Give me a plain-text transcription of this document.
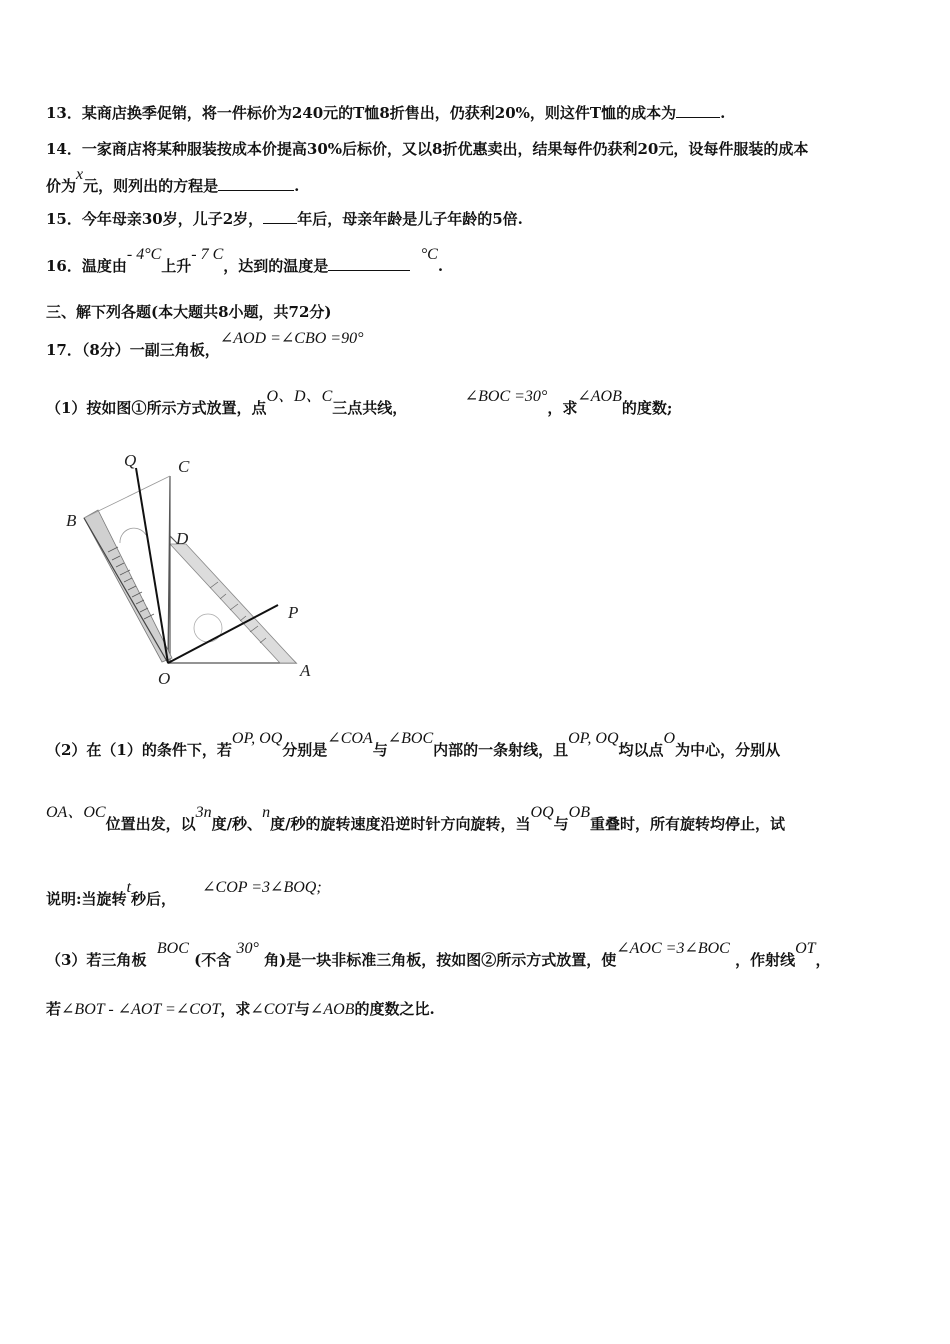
13．某商店换季促销，将一件标价为240元的T恤8折售出，仍获利20%，则这件T恤的成本为	.
14．一家商店将某种服装按成本价提高30%后标价，又以8折优惠卖出，结果每件仍获利20元，设每件服装的成本
价为x元，则列出的方程是	.
15．今年母亲30岁，儿子2岁， 年后，母亲年龄是儿子年龄的5倍.
16．温度由- 4°C上升- 7 C，达到的温度是  °C.
三、解下列各题(本大题共8小题，共72分)
17．（8分）一副三角板，∠AOD =∠CBO =90°
（1）按如图①所示方式放置，点O、D、C三点共线，           ∠BOC =30°，求∠AOB的度数;
Q C
B
D
P
O	A
（2）在（1）的条件下，若OP, OQ分别是∠COA与∠BOC内部的一条射线，且OP, OQ均以点O为中心，分别从
OA、OC位置出发，以3n度/秒、n度/秒的旋转速度沿逆时针方向旋转，当OQ与OB重叠时，所有旋转均停止，试
说明:当旋转t秒后，     ∠COP =3∠BOQ;
（3）若三角板  BOC (不含 30° 角)是一块非标准三角板，按如图②所示方式放置，使∠AOC =3∠BOC ，作射线OT，
若∠BOT - ∠AOT =∠COT，求∠COT与∠AOB的度数之比.
